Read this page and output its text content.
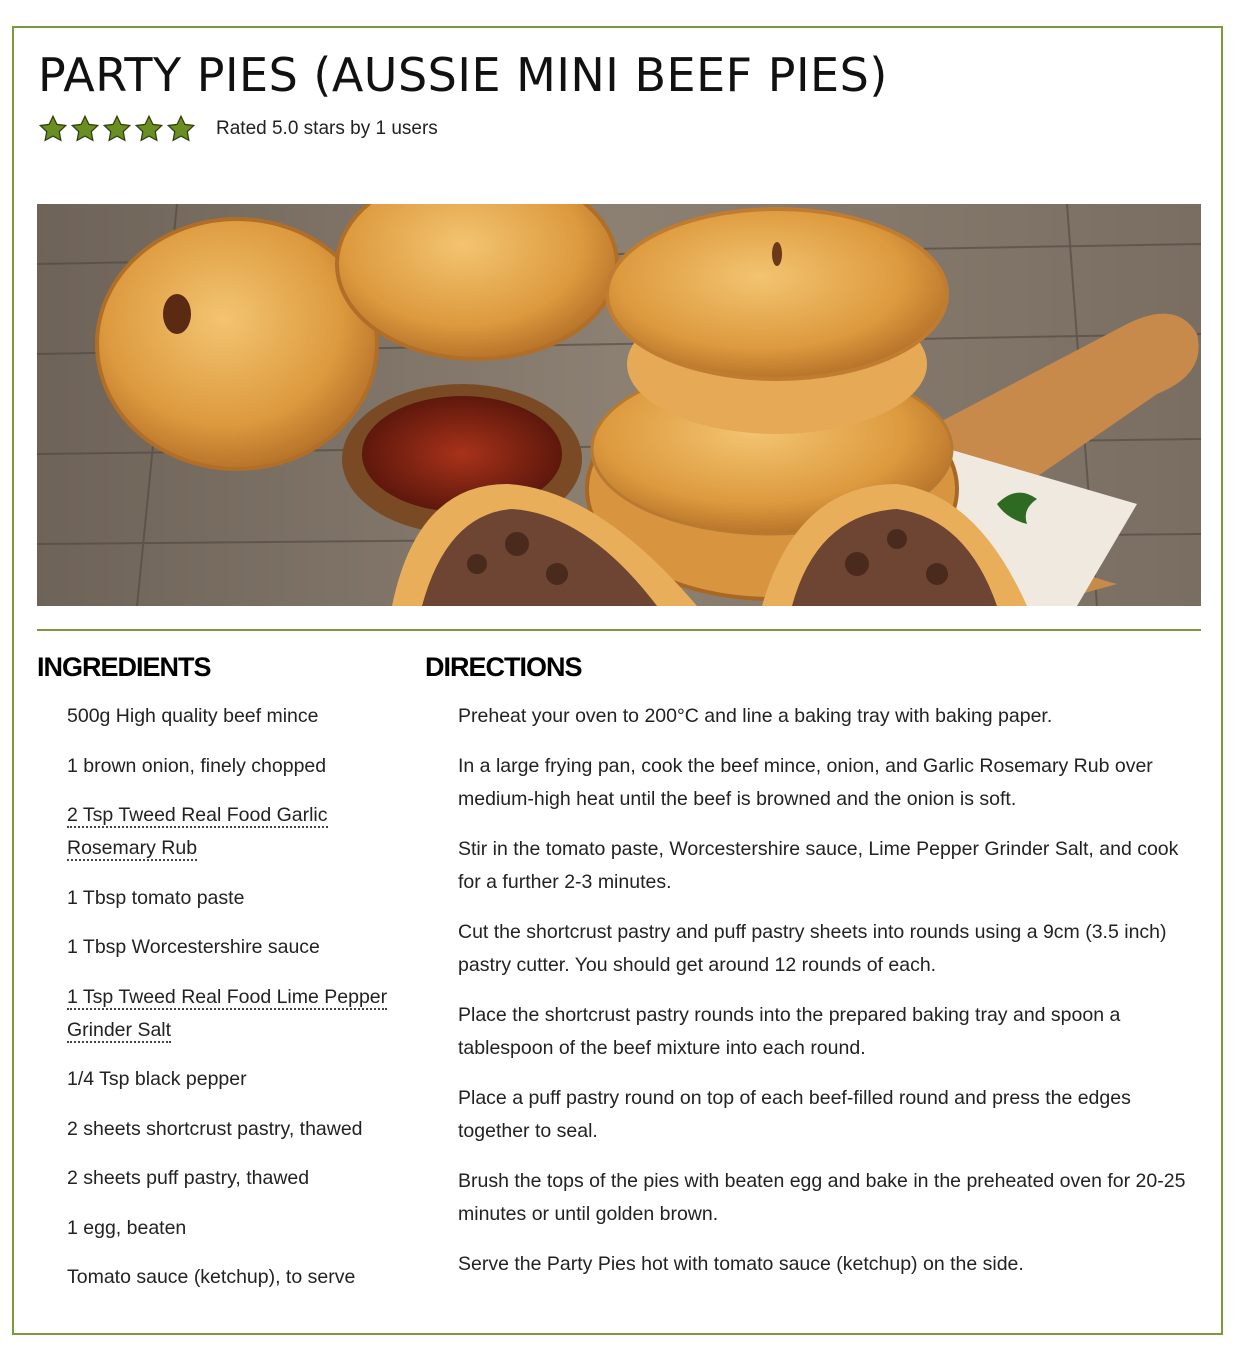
PARTY PIES (AUSSIE MINI BEEF PIES)
Rated 5.0 stars by 1 users
INGREDIENTS	DIRECTIONS
500g High quality beef mince
1 brown onion, finely chopped
2 Tsp Tweed Real Food Garlic Rosemary Rub
1 Tbsp tomato paste
1 Tbsp Worcestershire sauce
1 Tsp Tweed Real Food Lime Pepper Grinder Salt
1/4 Tsp black pepper
2 sheets shortcrust pastry, thawed
2 sheets puff pastry, thawed
1 egg, beaten
Tomato sauce (ketchup), to serve
Preheat your oven to 200°C and line a baking tray with baking paper.
In a large frying pan, cook the beef mince, onion, and Garlic Rosemary Rub over medium-high heat until the beef is browned and the onion is soft.
Stir in the tomato paste, Worcestershire sauce, Lime Pepper Grinder Salt, and cook for a further 2-3 minutes.
Cut the shortcrust pastry and puff pastry sheets into rounds using a 9cm (3.5 inch) pastry cutter. You should get around 12 rounds of each.
Place the shortcrust pastry rounds into the prepared baking tray and spoon a tablespoon of the beef mixture into each round.
Place a puff pastry round on top of each beef-filled round and press the edges together to seal.
Brush the tops of the pies with beaten egg and bake in the preheated oven for 20-25 minutes or until golden brown.
Serve the Party Pies hot with tomato sauce (ketchup) on the side.
